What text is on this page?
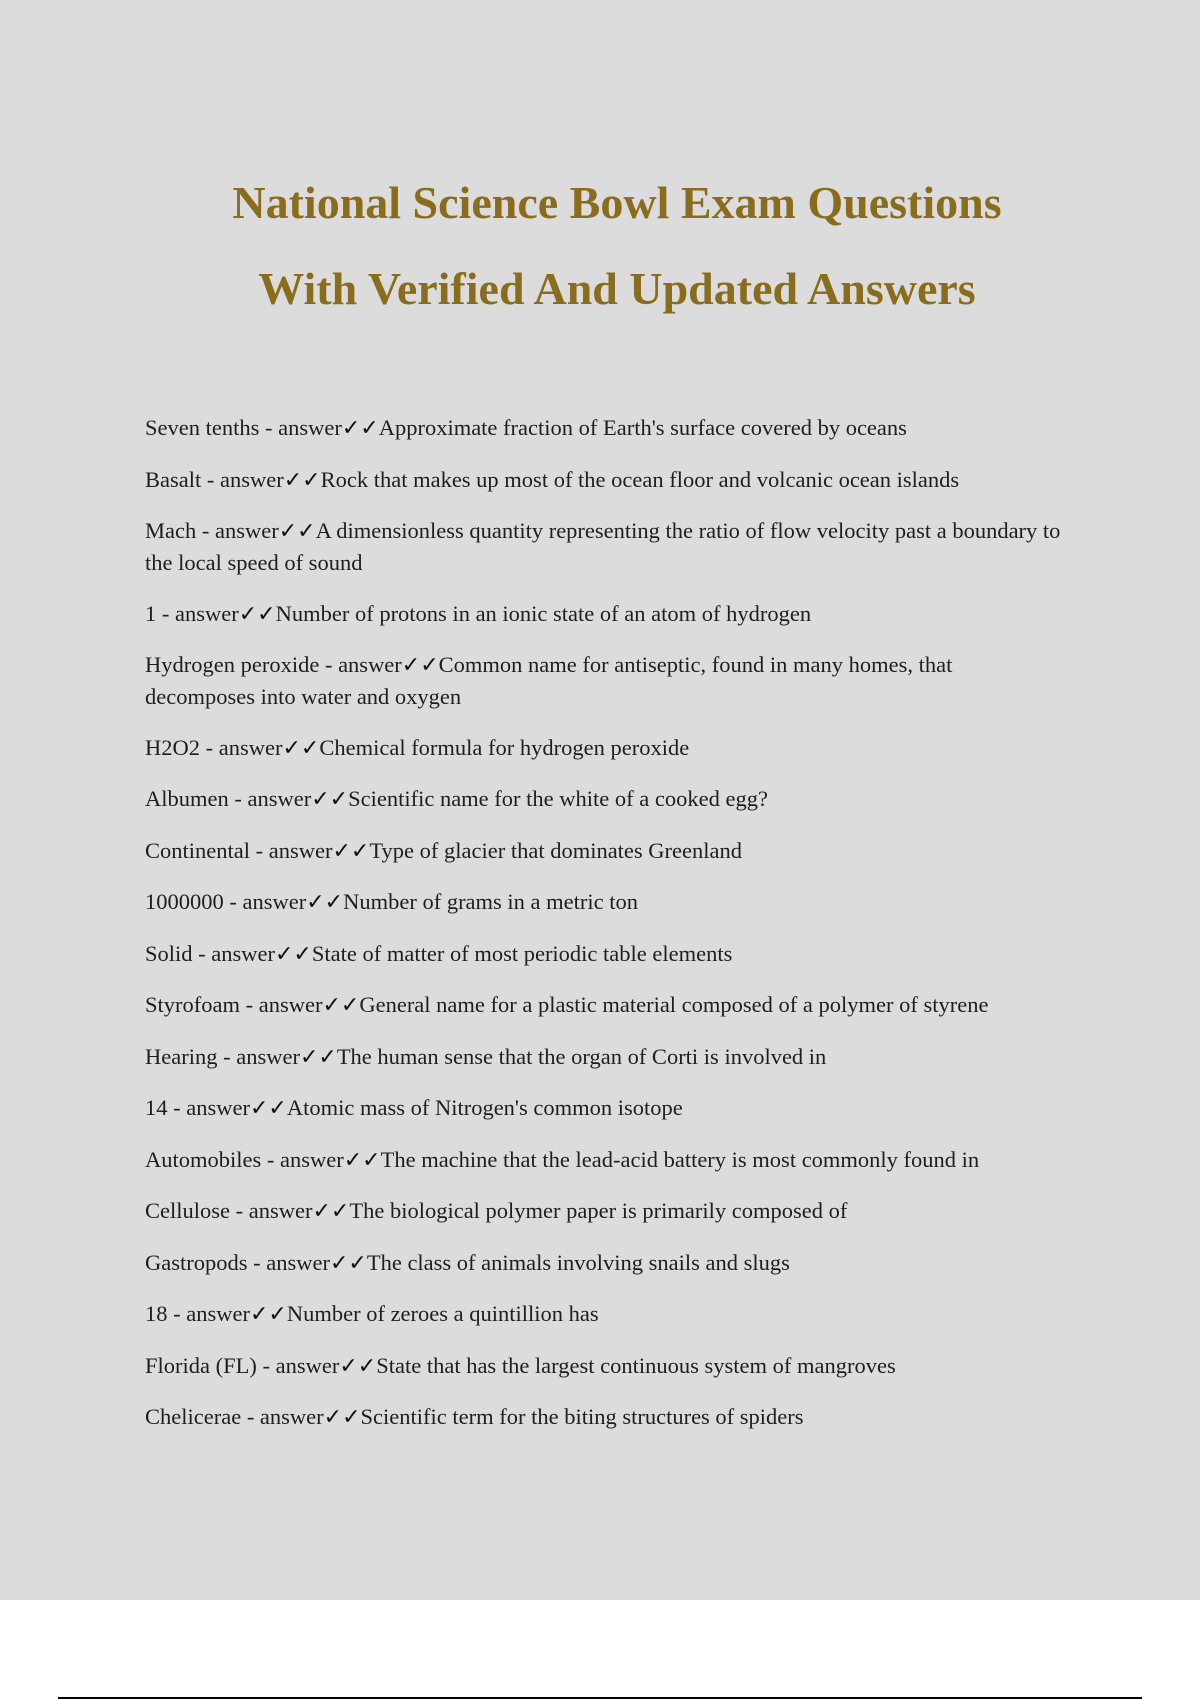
National Science Bowl Exam Questions

With Verified And Updated Answers

Seven tenths - answer✓✓Approximate fraction of Earth's surface covered by oceans
Basalt - answer✓✓Rock that makes up most of the ocean floor and volcanic ocean islands
Mach - answer✓✓A dimensionless quantity representing the ratio of flow velocity past a boundary to the local speed of sound
1 - answer✓✓Number of protons in an ionic state of an atom of hydrogen
Hydrogen peroxide - answer✓✓Common name for antiseptic, found in many homes, that decomposes into water and oxygen
H2O2 - answer✓✓Chemical formula for hydrogen peroxide
Albumen - answer✓✓Scientific name for the white of a cooked egg?
Continental - answer✓✓Type of glacier that dominates Greenland
1000000 - answer✓✓Number of grams in a metric ton
Solid - answer✓✓State of matter of most periodic table elements
Styrofoam - answer✓✓General name for a plastic material composed of a polymer of styrene
Hearing - answer✓✓The human sense that the organ of Corti is involved in
14 - answer✓✓Atomic mass of Nitrogen's common isotope
Automobiles - answer✓✓The machine that the lead-acid battery is most commonly found in
Cellulose - answer✓✓The biological polymer paper is primarily composed of
Gastropods - answer✓✓The class of animals involving snails and slugs
18 - answer✓✓Number of zeroes a quintillion has
Florida (FL) - answer✓✓State that has the largest continuous system of mangroves
Chelicerae - answer✓✓Scientific term for the biting structures of spiders
